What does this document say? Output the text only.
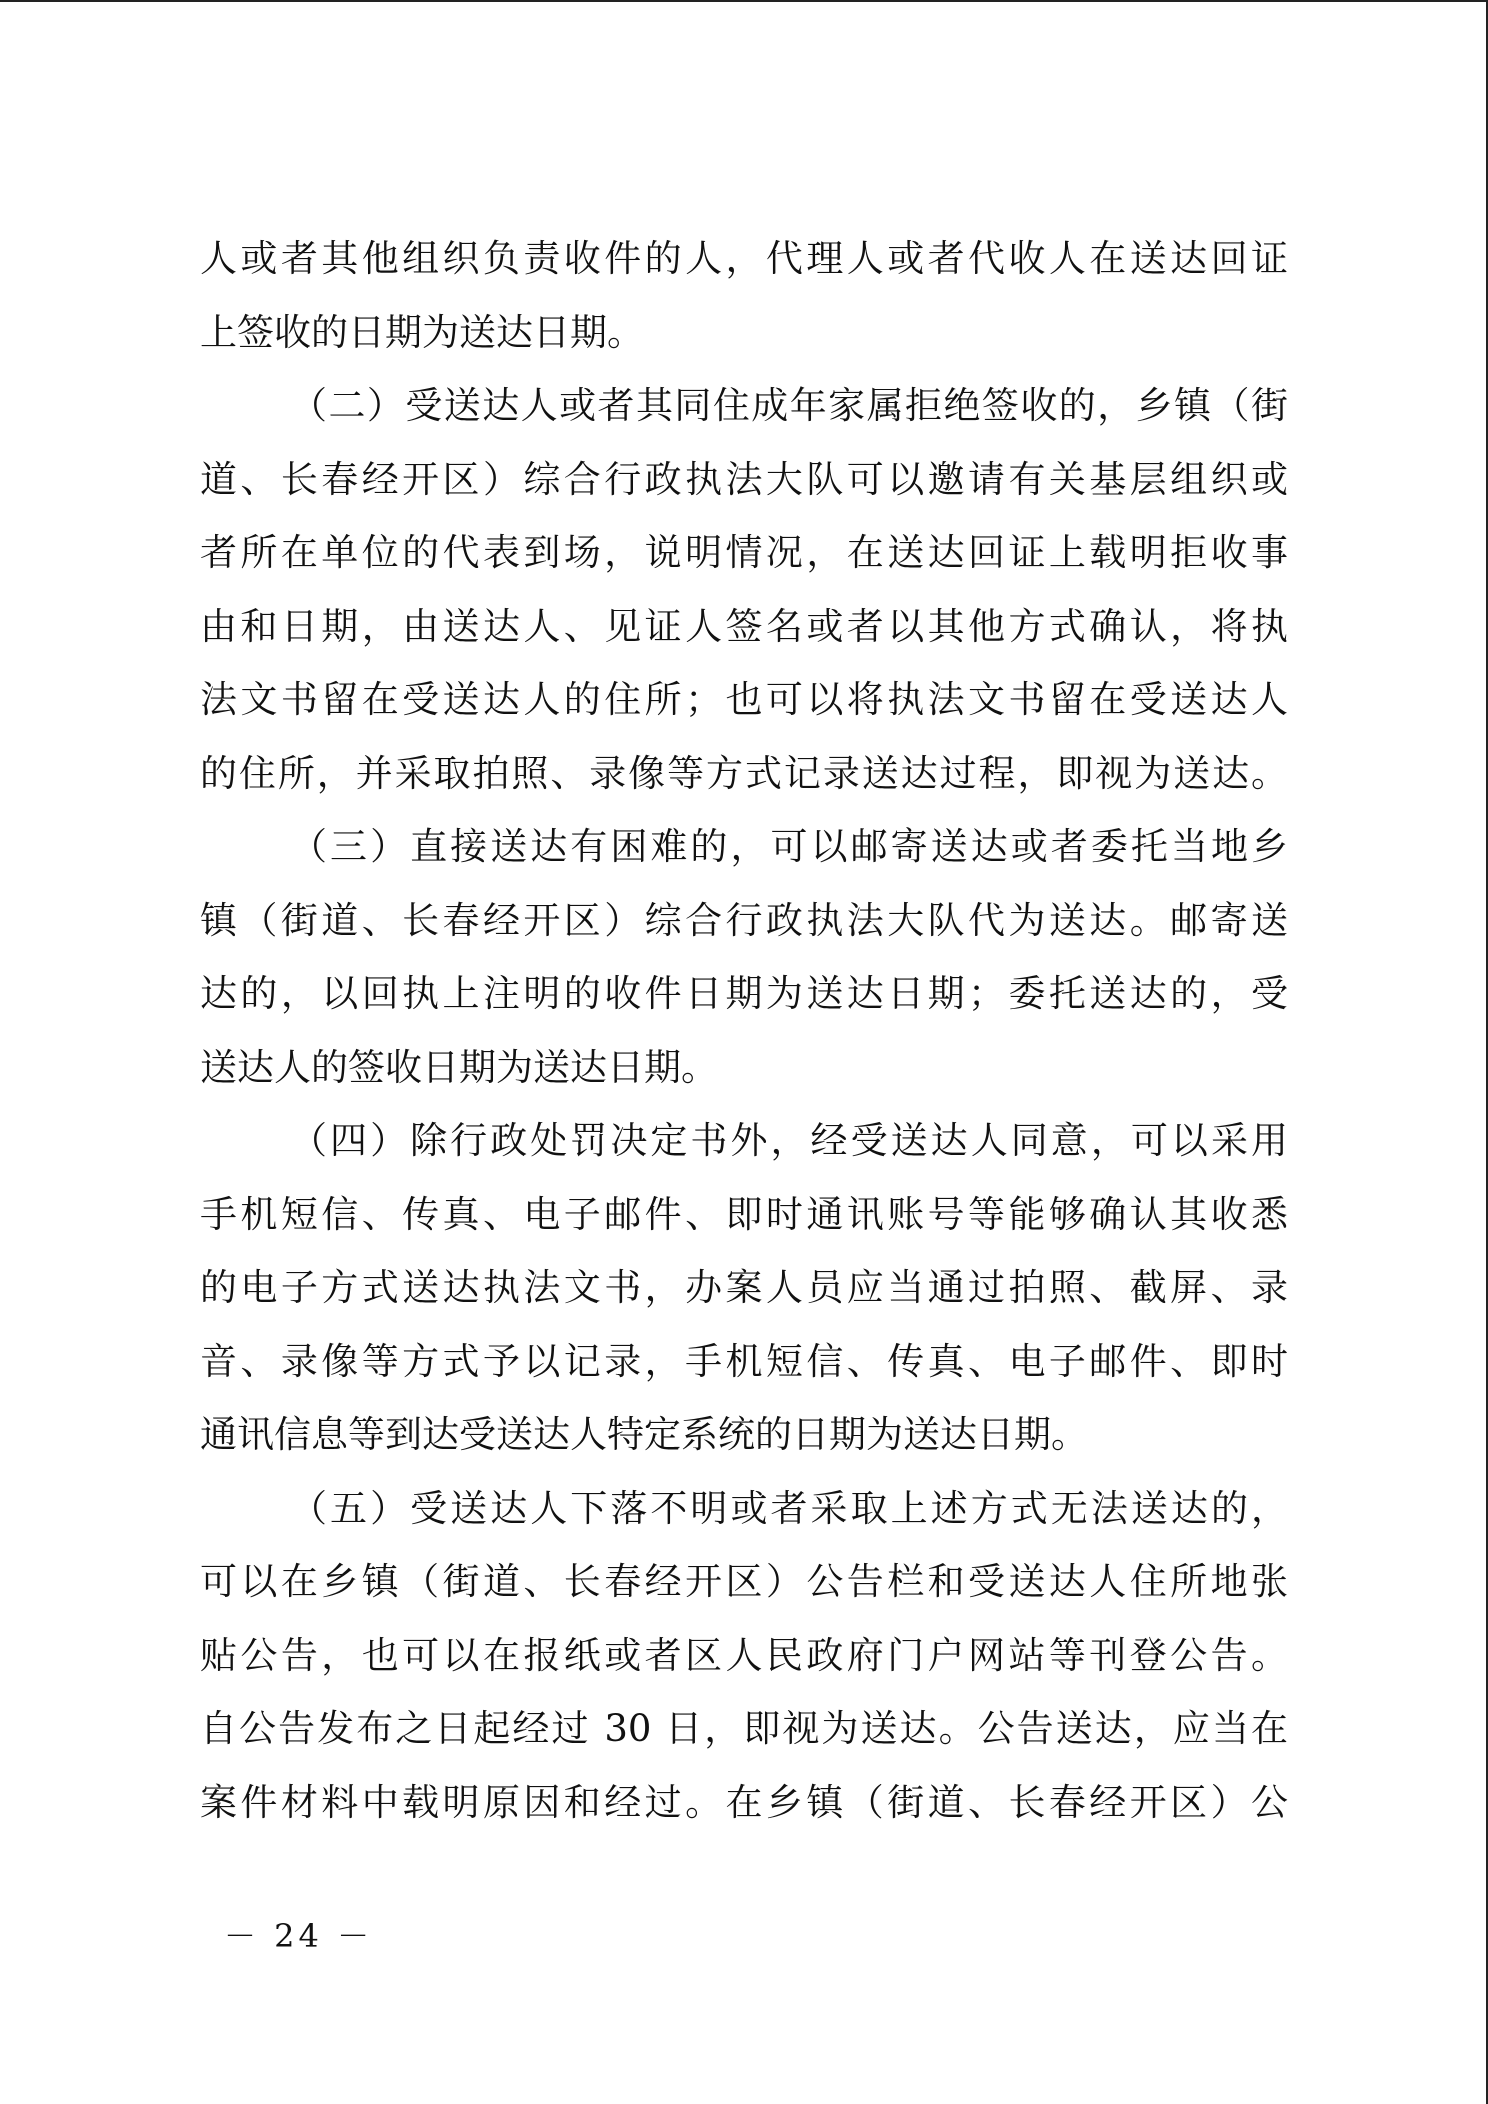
人或者其他组织负责收件的人，代理人或者代收人在送达回证
上签收的日期为送达日期。
（二）受送达人或者其同住成年家属拒绝签收的，乡镇（街
道、长春经开区）综合行政执法大队可以邀请有关基层组织或
者所在单位的代表到场，说明情况，在送达回证上载明拒收事
由和日期，由送达人、见证人签名或者以其他方式确认，将执
法文书留在受送达人的住所；也可以将执法文书留在受送达人
的住所，并采取拍照、录像等方式记录送达过程，即视为送达。
（三）直接送达有困难的，可以邮寄送达或者委托当地乡
镇（街道、长春经开区）综合行政执法大队代为送达。邮寄送
达的，以回执上注明的收件日期为送达日期；委托送达的，受
送达人的签收日期为送达日期。
（四）除行政处罚决定书外，经受送达人同意，可以采用
手机短信、传真、电子邮件、即时通讯账号等能够确认其收悉
的电子方式送达执法文书，办案人员应当通过拍照、截屏、录
音、录像等方式予以记录，手机短信、传真、电子邮件、即时
通讯信息等到达受送达人特定系统的日期为送达日期。
（五）受送达人下落不明或者采取上述方式无法送达的，
可以在乡镇（街道、长春经开区）公告栏和受送达人住所地张
贴公告，也可以在报纸或者区人民政府门户网站等刊登公告。
自公告发布之日起经过 30 日，即视为送达。公告送达，应当在
案件材料中载明原因和经过。在乡镇（街道、长春经开区）公
－ 24 －
